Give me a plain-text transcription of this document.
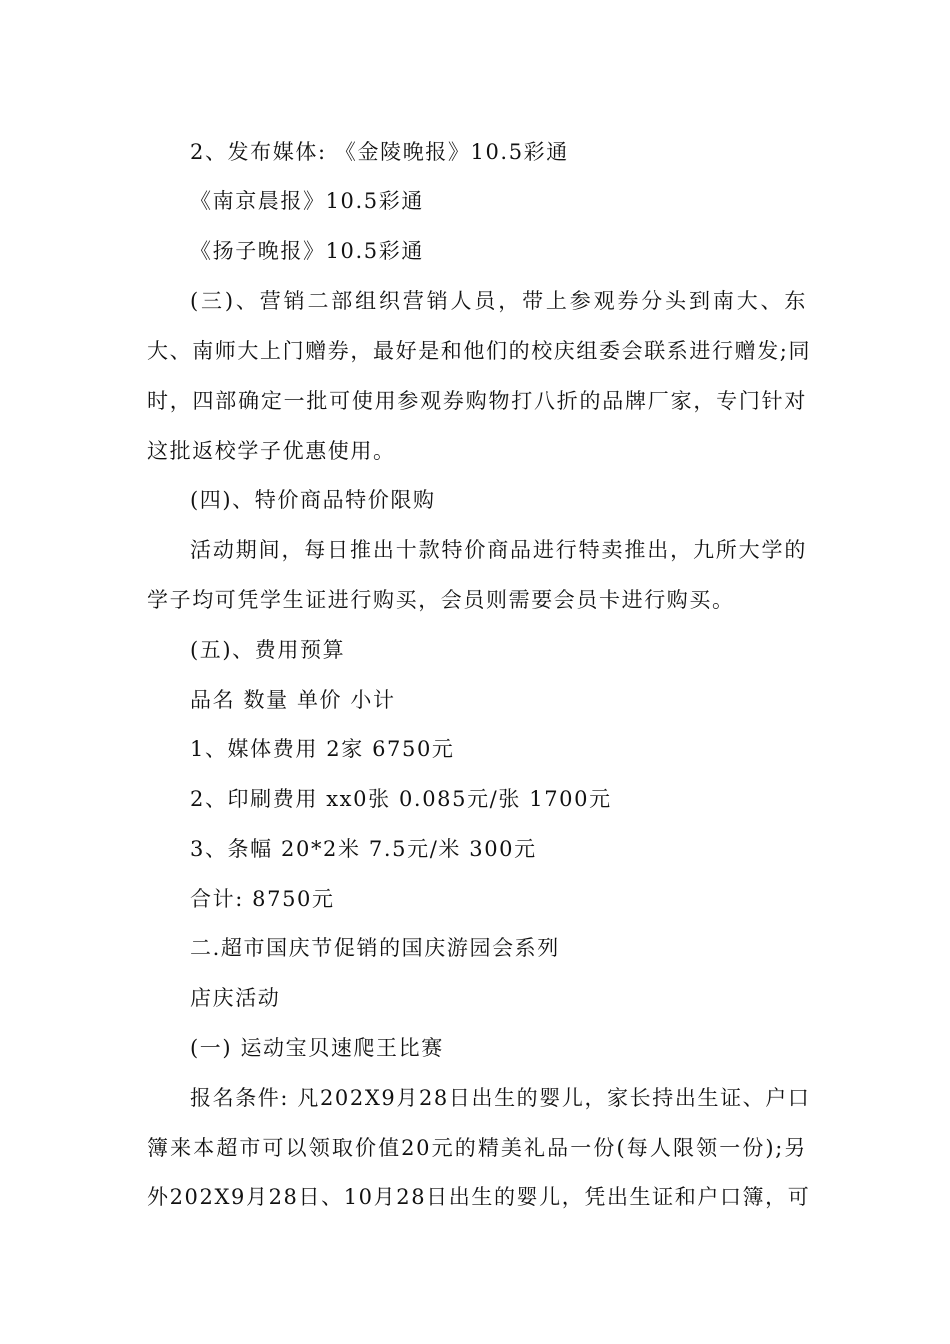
2、发布媒体: 《金陵晚报》10.5彩通
《南京晨报》10.5彩通
《扬子晚报》10.5彩通
(三)、营销二部组织营销人员，带上参观券分头到南大、东
大、南师大上门赠券，最好是和他们的校庆组委会联系进行赠发;同
时，四部确定一批可使用参观券购物打八折的品牌厂家，专门针对
这批返校学子优惠使用。
(四)、特价商品特价限购
活动期间，每日推出十款特价商品进行特卖推出，九所大学的
学子均可凭学生证进行购买，会员则需要会员卡进行购买。
(五)、费用预算
品名 数量 单价 小计
1、媒体费用 2家 6750元
2、印刷费用 xx0张 0.085元/张 1700元
3、条幅 20*2米 7.5元/米 300元
合计: 8750元
二.超市国庆节促销的国庆游园会系列
店庆活动
(一) 运动宝贝速爬王比赛
报名条件: 凡202X9月28日出生的婴儿，家长持出生证、户口
簿来本超市可以领取价值20元的精美礼品一份(每人限领一份);另
外202X9月28日、10月28日出生的婴儿，凭出生证和户口簿，可
